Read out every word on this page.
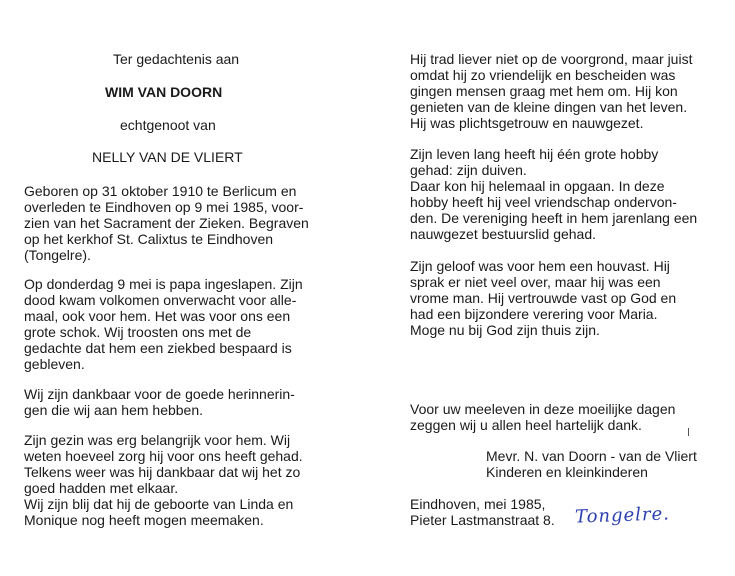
Ter gedachtenis aan
WIM VAN DOORN
echtgenoot van
NELLY VAN DE VLIERT
Geboren op 31 oktober 1910 te Berlicum en
overleden te Eindhoven op 9 mei 1985, voor-
zien van het Sacrament der Zieken. Begraven
op het kerkhof St. Calixtus te Eindhoven
(Tongelre).
Op donderdag 9 mei is papa ingeslapen. Zijn
dood kwam volkomen onverwacht voor alle-
maal, ook voor hem. Het was voor ons een
grote schok. Wij troosten ons met de
gedachte dat hem een ziekbed bespaard is
gebleven.
Wij zijn dankbaar voor de goede herinnerin-
gen die wij aan hem hebben.
Zijn gezin was erg belangrijk voor hem. Wij
weten hoeveel zorg hij voor ons heeft gehad.
Telkens weer was hij dankbaar dat wij het zo
goed hadden met elkaar.
Wij zijn blij dat hij de geboorte van Linda en
Monique nog heeft mogen meemaken.
Hij trad liever niet op de voorgrond, maar juist
omdat hij zo vriendelijk en bescheiden was
gingen mensen graag met hem om. Hij kon
genieten van de kleine dingen van het leven.
Hij was plichtsgetrouw en nauwgezet.
Zijn leven lang heeft hij één grote hobby
gehad: zijn duiven.
Daar kon hij helemaal in opgaan. In deze
hobby heeft hij veel vriendschap ondervon-
den. De vereniging heeft in hem jarenlang een
nauwgezet bestuurslid gehad.
Zijn geloof was voor hem een houvast. Hij
sprak er niet veel over, maar hij was een
vrome man. Hij vertrouwde vast op God en
had een bijzondere verering voor Maria.
Moge nu bij God zijn thuis zijn.
Voor uw meeleven in deze moeilijke dagen
zeggen wij u allen heel hartelijk dank.
Mevr. N. van Doorn - van de Vliert
Kinderen en kleinkinderen
Eindhoven, mei 1985,
Pieter Lastmanstraat 8. Tongelre.
